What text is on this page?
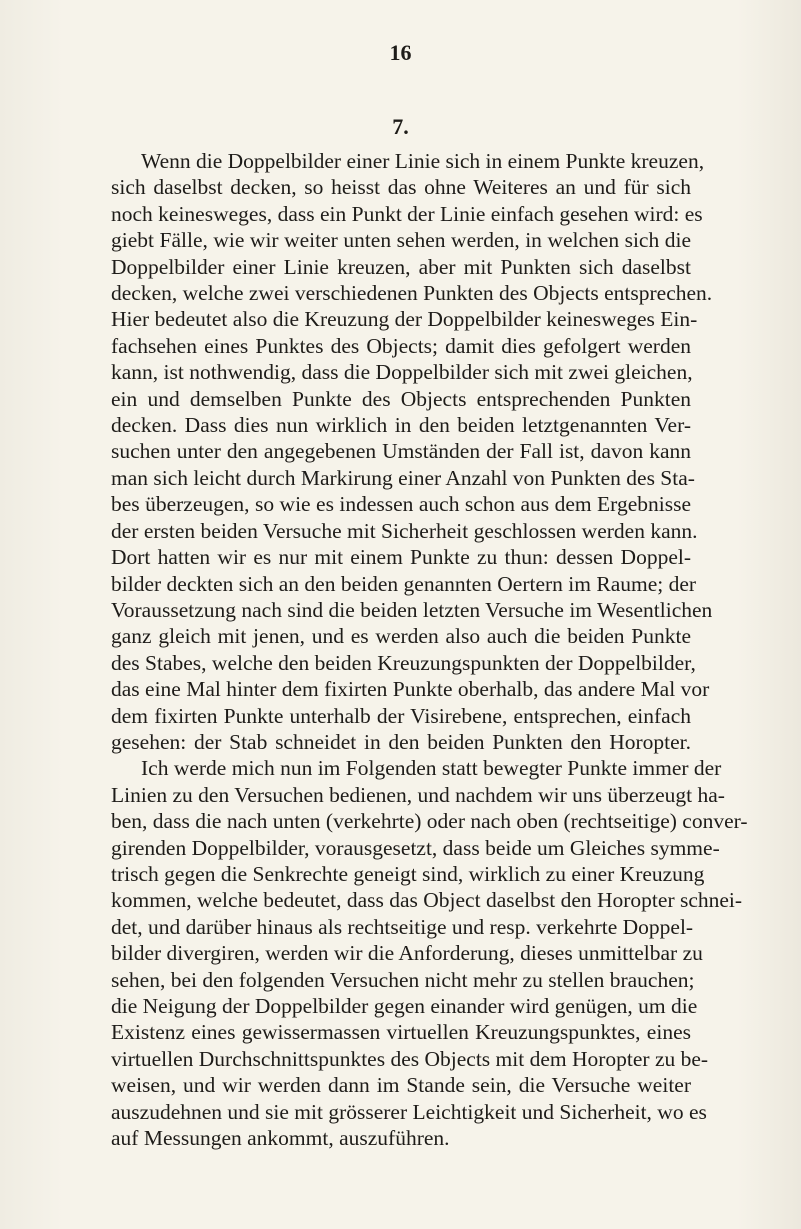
16
7.

Wenn die Doppelbilder einer Linie sich in einem Punkte kreuzen,
sich daselbst decken, so heisst das ohne Weiteres an und für sich
noch keinesweges, dass ein Punkt der Linie einfach gesehen wird: es
giebt Fälle, wie wir weiter unten sehen werden, in welchen sich die
Doppelbilder einer Linie kreuzen, aber mit Punkten sich daselbst
decken, welche zwei verschiedenen Punkten des Objects entsprechen.
Hier bedeutet also die Kreuzung der Doppelbilder keinesweges Ein-
fachsehen eines Punktes des Objects; damit dies gefolgert werden
kann, ist nothwendig, dass die Doppelbilder sich mit zwei gleichen,
ein und demselben Punkte des Objects entsprechenden Punkten
decken. Dass dies nun wirklich in den beiden letztgenannten Ver-
suchen unter den angegebenen Umständen der Fall ist, davon kann
man sich leicht durch Markirung einer Anzahl von Punkten des Sta-
bes überzeugen, so wie es indessen auch schon aus dem Ergebnisse
der ersten beiden Versuche mit Sicherheit geschlossen werden kann.
Dort hatten wir es nur mit einem Punkte zu thun: dessen Doppel-
bilder deckten sich an den beiden genannten Oertern im Raume; der
Voraussetzung nach sind die beiden letzten Versuche im Wesentlichen
ganz gleich mit jenen, und es werden also auch die beiden Punkte
des Stabes, welche den beiden Kreuzungspunkten der Doppelbilder,
das eine Mal hinter dem fixirten Punkte oberhalb, das andere Mal vor
dem fixirten Punkte unterhalb der Visirebene, entsprechen, einfach
gesehen: der Stab schneidet in den beiden Punkten den Horopter.
Ich werde mich nun im Folgenden statt bewegter Punkte immer der
Linien zu den Versuchen bedienen, und nachdem wir uns überzeugt ha-
ben, dass die nach unten (verkehrte) oder nach oben (rechtseitige) conver-
girenden Doppelbilder, vorausgesetzt, dass beide um Gleiches symme-
trisch gegen die Senkrechte geneigt sind, wirklich zu einer Kreuzung
kommen, welche bedeutet, dass das Object daselbst den Horopter schnei-
det, und darüber hinaus als rechtseitige und resp. verkehrte Doppel-
bilder divergiren, werden wir die Anforderung, dieses unmittelbar zu
sehen, bei den folgenden Versuchen nicht mehr zu stellen brauchen;
die Neigung der Doppelbilder gegen einander wird genügen, um die
Existenz eines gewissermassen virtuellen Kreuzungspunktes, eines
virtuellen Durchschnittspunktes des Objects mit dem Horopter zu be-
weisen, und wir werden dann im Stande sein, die Versuche weiter
auszudehnen und sie mit grösserer Leichtigkeit und Sicherheit, wo es
auf Messungen ankommt, auszuführen.
